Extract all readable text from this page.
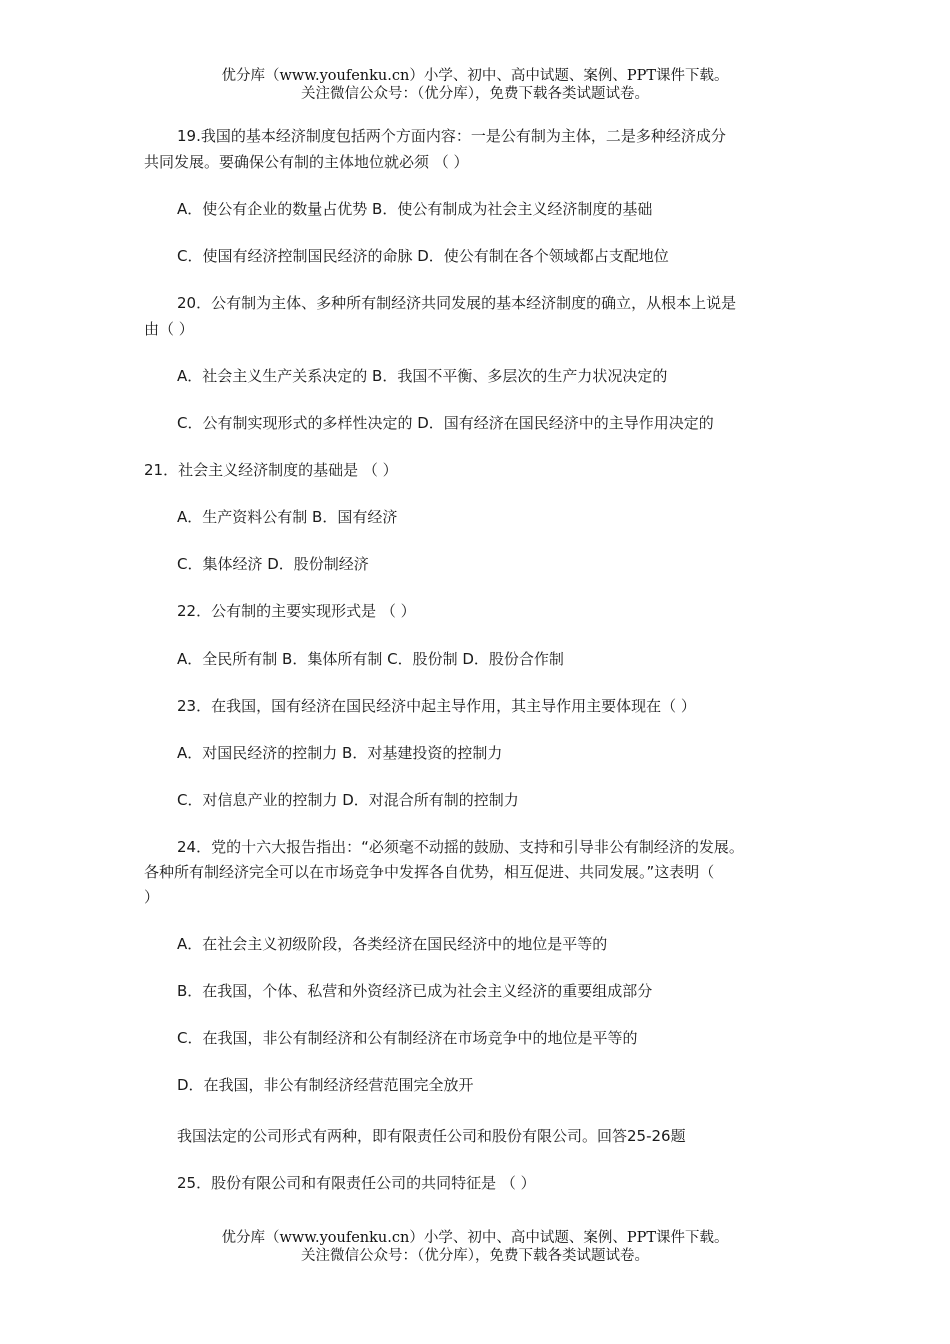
优分库（www.youfenku.cn）小学、初中、高中试题、案例、PPT课件下载。
关注微信公众号：（优分库），免费下载各类试题试卷。
19.我国的基本经济制度包括两个方面内容：一是公有制为主体，二是多种经济成分
共同发展。要确保公有制的主体地位就必须 （ ）
A．使公有企业的数量占优势 B．使公有制成为社会主义经济制度的基础
C．使国有经济控制国民经济的命脉 D．使公有制在各个领域都占支配地位
20．公有制为主体、多种所有制经济共同发展的基本经济制度的确立，从根本上说是
由（ ）
A．社会主义生产关系决定的 B．我国不平衡、多层次的生产力状况决定的
C．公有制实现形式的多样性决定的 D．国有经济在国民经济中的主导作用决定的
21．社会主义经济制度的基础是 （ ）
A．生产资料公有制 B．国有经济
C．集体经济 D．股份制经济
22．公有制的主要实现形式是 （ ）
A．全民所有制 B．集体所有制 C．股份制 D．股份合作制
23．在我国，国有经济在国民经济中起主导作用，其主导作用主要体现在（ ）
A．对国民经济的控制力 B．对基建投资的控制力
C．对信息产业的控制力 D．对混合所有制的控制力
24．党的十六大报告指出：“必须毫不动摇的鼓励、支持和引导非公有制经济的发展。
各种所有制经济完全可以在市场竞争中发挥各自优势，相互促进、共同发展。”这表明（
）
A．在社会主义初级阶段，各类经济在国民经济中的地位是平等的
B．在我国，个体、私营和外资经济已成为社会主义经济的重要组成部分
C．在我国，非公有制经济和公有制经济在市场竞争中的地位是平等的
D．在我国，非公有制经济经营范围完全放开
我国法定的公司形式有两种，即有限责任公司和股份有限公司。回答25-26题
25．股份有限公司和有限责任公司的共同特征是 （ ）
优分库（www.youfenku.cn）小学、初中、高中试题、案例、PPT课件下载。
关注微信公众号：（优分库），免费下载各类试题试卷。
